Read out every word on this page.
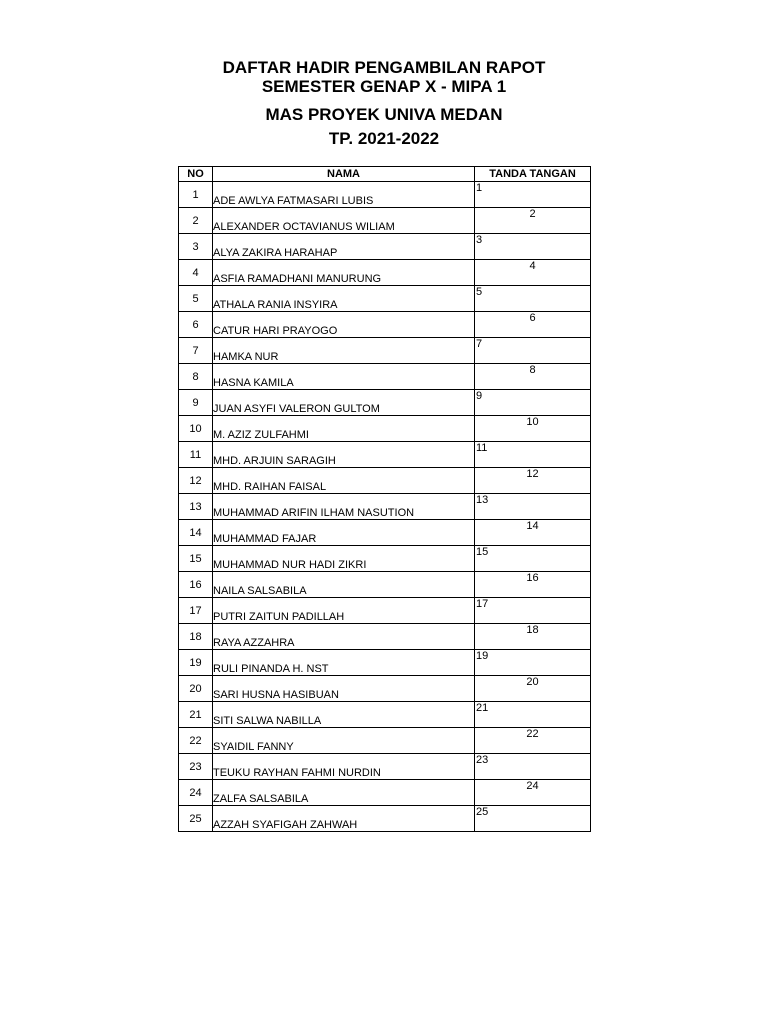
DAFTAR HADIR PENGAMBILAN RAPOT
SEMESTER GENAP X - MIPA 1
MAS PROYEK UNIVA MEDAN
TP. 2021-2022
NO	NAMA	TANDA TANGAN
1	ADE AWLYA FATMASARI LUBIS	1

2	ALEXANDER OCTAVIANUS WILIAM	2

3	ALYA ZAKIRA HARAHAP	3

4	ASFIA RAMADHANI MANURUNG	4

5	ATHALA RANIA INSYIRA	5

6	CATUR HARI PRAYOGO	6

7	HAMKA NUR	7

8	HASNA KAMILA	8

9	JUAN ASYFI VALERON GULTOM	9

10	M. AZIZ ZULFAHMI	10

11	MHD. ARJUIN SARAGIH	11

12	MHD. RAIHAN FAISAL	12

13	MUHAMMAD ARIFIN ILHAM NASUTION	13

14	MUHAMMAD FAJAR	14

15	MUHAMMAD NUR HADI ZIKRI	15

16	NAILA SALSABILA	16

17	PUTRI ZAITUN PADILLAH	17

18	RAYA AZZAHRA	18

19	RULI PINANDA H. NST	19

20	SARI HUSNA HASIBUAN	20

21	SITI SALWA NABILLA	21

22	SYAIDIL FANNY	22

23	TEUKU RAYHAN FAHMI NURDIN	23

24	ZALFA SALSABILA	24

25	AZZAH SYAFIGAH ZAHWAH	25
